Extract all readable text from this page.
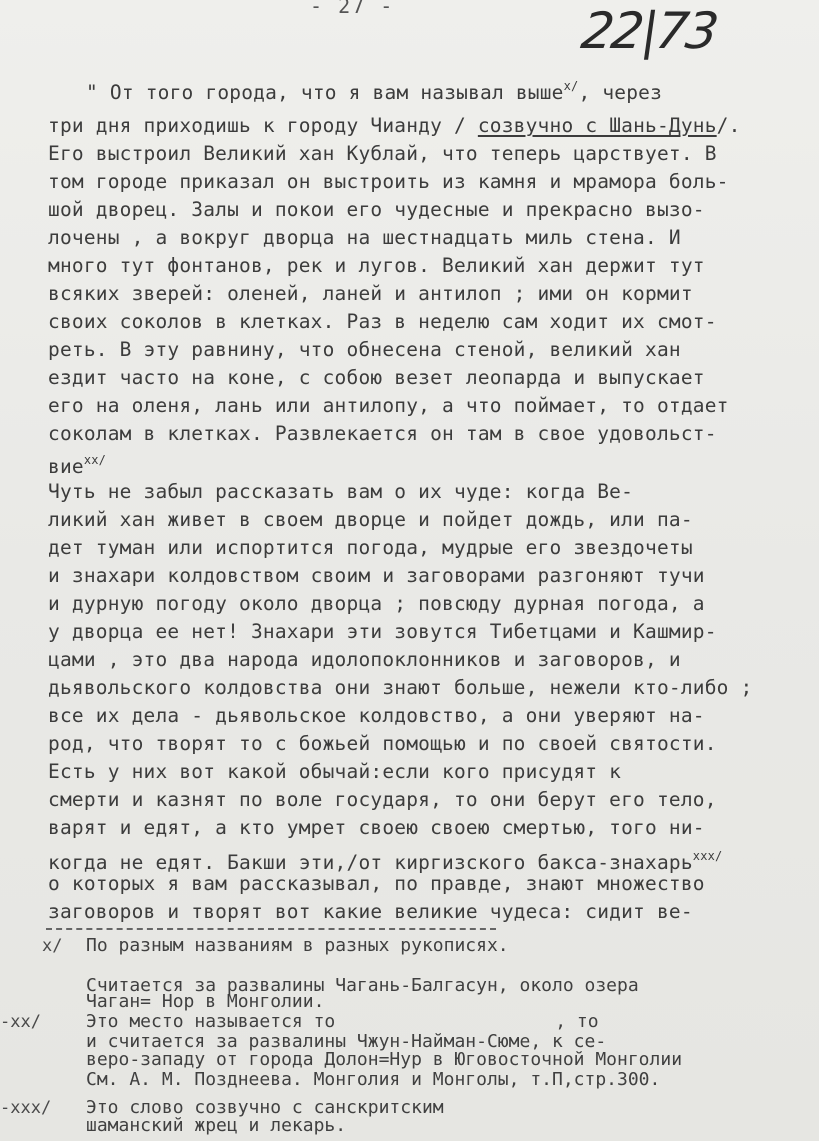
- 27 -	22|73
" От того города, что я вам называл выше$^{x/}$, через
три дня приходишь к городу Чианду / созвучно с Шань-Дунь/.
Его выстроил Великий хан Кублай, что теперь царствует. В
том городе приказал он выстроить из камня и мрамора боль-
шой дворец. Залы и покои его чудесные и прекрасно вызо-
лочены , а вокруг дворца на шестнадцать миль стена. И
много тут фонтанов, рек и лугов. Великий хан держит тут
всяких зверей: оленей, ланей и антилоп ; ими он кормит
своих соколов в клетках. Раз в неделю сам ходит их смот-
реть. В эту равнину, что обнесена стеной, великий хан
ездит часто на коне, с собою везет леопарда и выпускает
его на оленя, лань или антилопу, а что поймает, то отдает
соколам в клетках. Развлекается он там в свое удовольст-
вие$^{xx/}$
Чуть не забыл рассказать вам о их чуде: когда Ве-
ликий хан живет в своем дворце и пойдет дождь, или па-
дет туман или испортится погода, мудрые его звездочеты
и знахари колдовством своим и заговорами разгоняют тучи
и дурную погоду около дворца ; повсюду дурная погода, а
у дворца ее нет! Знахари эти зовутся Тибетцами и Кашмир-
цами , это два народа идолопоклонников и заговоров, и
дьявольского колдовства они знают больше, нежели кто-либо ;
все их дела - дьявольское колдовство, а они уверяют на-
род, что творят то с божьей помощью и по своей святости.
Есть у них вот какой обычай:если кого присудят к
смерти и казнят по воле государя, то они берут его тело,
варят и едят, а кто умрет своею своею смертью, того ни-
когда не едят. Бакши эти,/от киргизского бакса-знахарь$^{xxx/}$
о которых я вам рассказывал, по правде, знают множество
заговоров и творят вот какие великие чудеса: сидит ве-
x/ По разным названиям в разных рукописях.
Считается за развалины Чагань-Балгасун, около озера
Чаган= Нор в Монголии.
-xx/	Это место называется то	, то
и считается за развалины Чжун-Найман-Сюме, к се-
веро-западу от города Долон=Нур в Юговосточной Монголии
См. А. М. Позднеева. Монголия и Монголы, т.П,стр.300.
-xxx/ Это слово созвучно с санскритским
шаманский жрец и лекарь.
